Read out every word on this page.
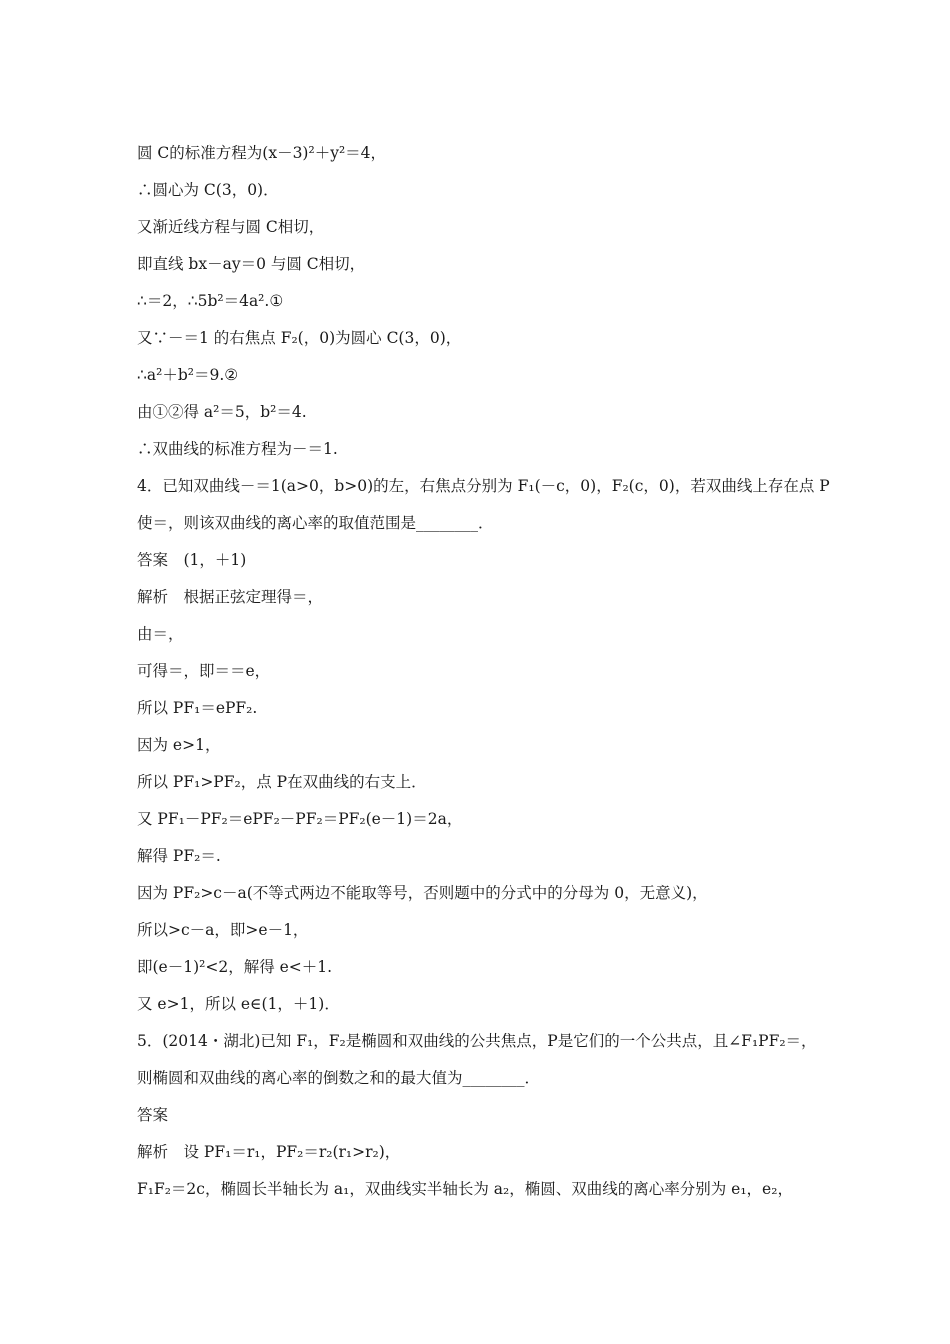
圆 C的标准方程为(x－3)²＋y²＝4，
∴圆心为 C(3，0)．
又渐近线方程与圆 C相切，
即直线 bx－ay＝0 与圆 C相切，
∴＝2，∴5b²＝4a².①
又∵－＝1 的右焦点 F₂(，0)为圆心 C(3，0)，
∴a²＋b²＝9.②
由①②得 a²＝5，b²＝4.
∴双曲线的标准方程为－＝1.
4．已知双曲线－＝1(a>0，b>0)的左，右焦点分别为 F₁(－c，0)，F₂(c，0)，若双曲线上存在点 P
使＝，则该双曲线的离心率的取值范围是________．
答案　(1，＋1)
解析　根据正弦定理得＝，
由＝，
可得＝，即＝＝e，
所以 PF₁＝ePF₂.
因为 e>1，
所以 PF₁>PF₂，点 P在双曲线的右支上．
又 PF₁－PF₂＝ePF₂－PF₂＝PF₂(e－1)＝2a，
解得 PF₂＝.
因为 PF₂>c－a(不等式两边不能取等号，否则题中的分式中的分母为 0，无意义)，
所以>c－a，即>e－1，
即(e－1)²<2，解得 e<＋1.
又 e>1，所以 e∈(1，＋1)．
5．(2014・湖北)已知 F₁，F₂是椭圆和双曲线的公共焦点，P是它们的一个公共点，且∠F₁PF₂＝，
则椭圆和双曲线的离心率的倒数之和的最大值为________．
答案
解析　设 PF₁＝r₁，PF₂＝r₂(r₁>r₂)，
F₁F₂＝2c，椭圆长半轴长为 a₁，双曲线实半轴长为 a₂，椭圆、双曲线的离心率分别为 e₁，e₂，
